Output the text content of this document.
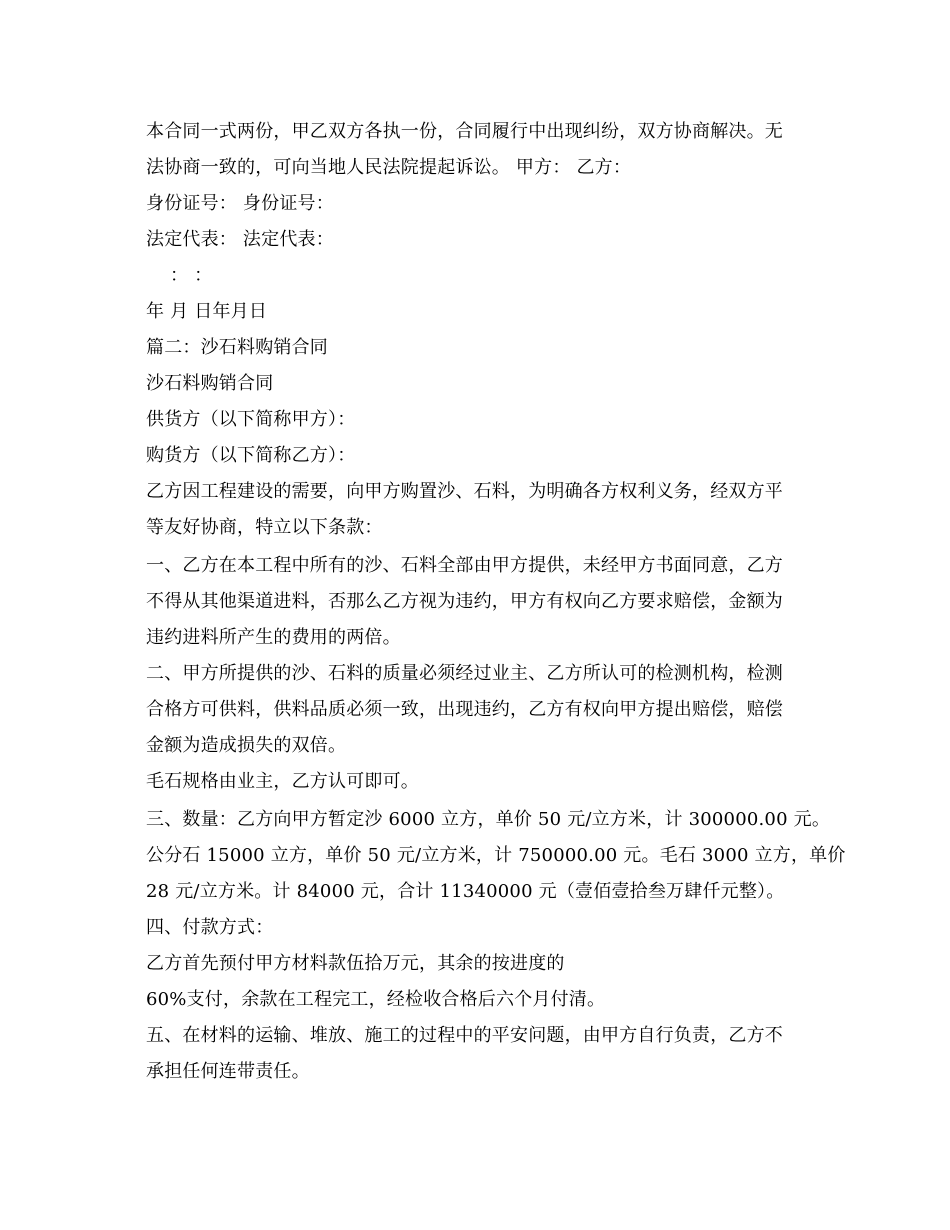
本合同一式两份，甲乙双方各执一份，合同履行中出现纠纷，双方协商解决。无
法协商一致的，可向当地人民法院提起诉讼。 甲方： 乙方：
身份证号： 身份证号：
法定代表： 法定代表：
： ：
年 月 日年月日
篇二：沙石料购销合同
沙石料购销合同
供货方（以下简称甲方）：
购货方（以下简称乙方）：
乙方因工程建设的需要，向甲方购置沙、石料，为明确各方权利义务，经双方平
等友好协商，特立以下条款：
一、乙方在本工程中所有的沙、石料全部由甲方提供，未经甲方书面同意，乙方
不得从其他渠道进料，否那么乙方视为违约，甲方有权向乙方要求赔偿，金额为
违约进料所产生的费用的两倍。
二、甲方所提供的沙、石料的质量必须经过业主、乙方所认可的检测机构，检测
合格方可供料，供料品质必须一致，出现违约，乙方有权向甲方提出赔偿，赔偿
金额为造成损失的双倍。
毛石规格由业主，乙方认可即可。
三、数量：乙方向甲方暂定沙 6000 立方，单价 50 元/立方米，计 300000.00 元。
公分石 15000 立方，单价 50 元/立方米，计 750000.00 元。毛石 3000 立方，单价
28 元/立方米。计 84000 元，合计 11340000 元（壹佰壹拾叁万肆仟元整）。
四、付款方式：
乙方首先预付甲方材料款伍拾万元，其余的按进度的
60%支付，余款在工程完工，经检收合格后六个月付清。
五、在材料的运输、堆放、施工的过程中的平安问题，由甲方自行负责，乙方不
承担任何连带责任。
